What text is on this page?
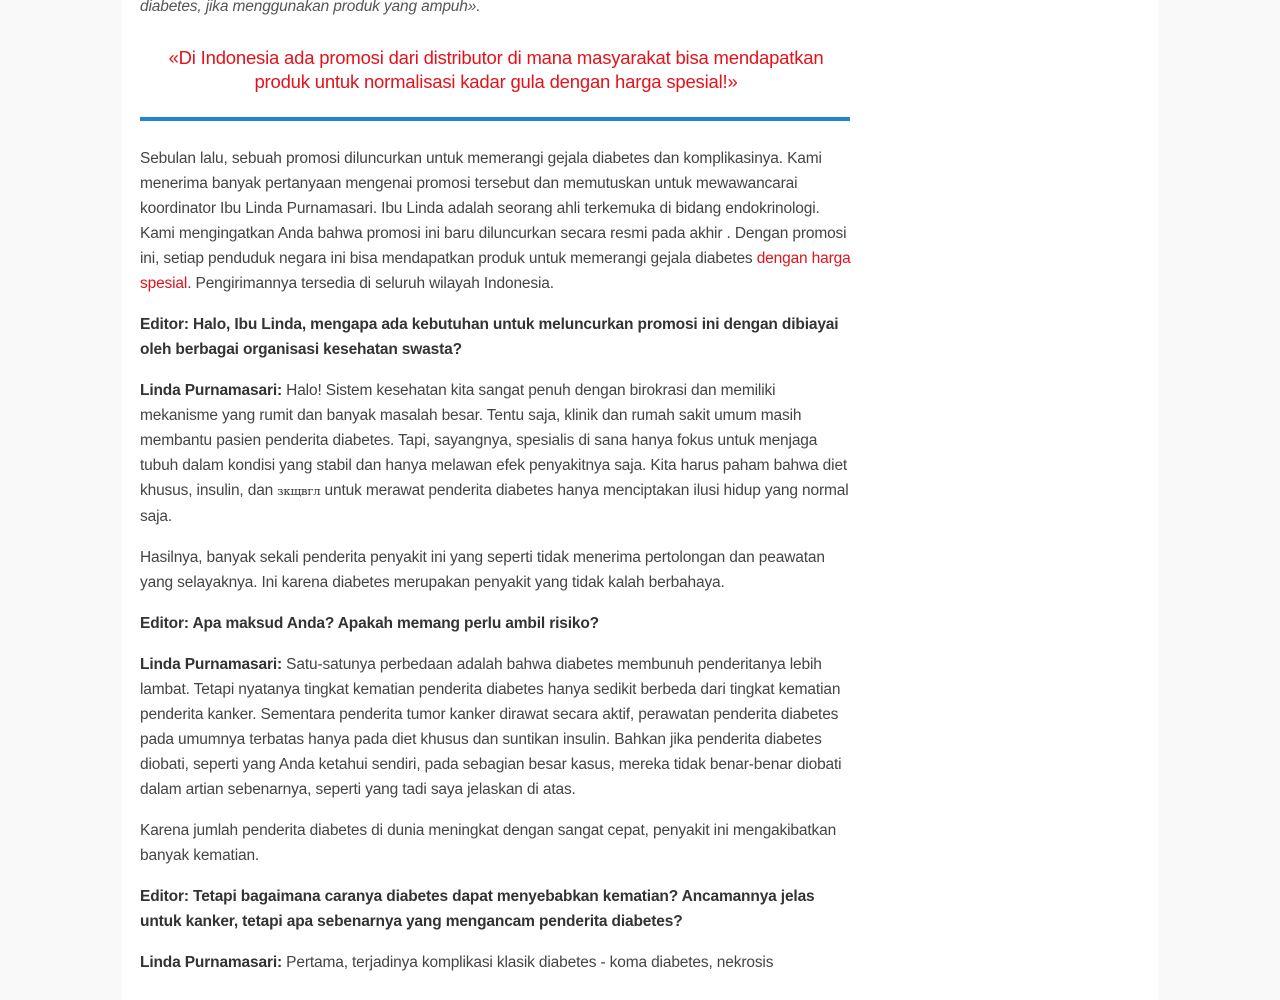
diabetes, jika menggunakan produk yang ampuh».

«Di Indonesia ada promosi dari distributor di mana masyarakat bisa mendapatkan produk untuk normalisasi kadar gula dengan harga spesial!»

Sebulan lalu, sebuah promosi diluncurkan untuk memerangi gejala diabetes dan komplikasinya. Kami menerima banyak pertanyaan mengenai promosi tersebut dan memutuskan untuk mewawancarai koordinator Ibu Linda Purnamasari. Ibu Linda adalah seorang ahli terkemuka di bidang endokrinologi. Kami mengingatkan Anda bahwa promosi ini baru diluncurkan secara resmi pada akhir . Dengan promosi ini, setiap penduduk negara ini bisa mendapatkan produk untuk memerangi gejala diabetes dengan harga spesial. Pengirimannya tersedia di seluruh wilayah Indonesia.

Editor: Halo, Ibu Linda, mengapa ada kebutuhan untuk meluncurkan promosi ini dengan dibiayai oleh berbagai organisasi kesehatan swasta?

Linda Purnamasari: Halo! Sistem kesehatan kita sangat penuh dengan birokrasi dan memiliki mekanisme yang rumit dan banyak masalah besar. Tentu saja, klinik dan rumah sakit umum masih membantu pasien penderita diabetes. Tapi, sayangnya, spesialis di sana hanya fokus untuk menjaga tubuh dalam kondisi yang stabil dan hanya melawan efek penyakitnya saja. Kita harus paham bahwa diet khusus, insulin, dan зкщвгл untuk merawat penderita diabetes hanya menciptakan ilusi hidup yang normal saja.

Hasilnya, banyak sekali penderita penyakit ini yang seperti tidak menerima pertolongan dan peawatan yang selayaknya. Ini karena diabetes merupakan penyakit yang tidak kalah berbahaya.

Editor: Apa maksud Anda? Apakah memang perlu ambil risiko?

Linda Purnamasari: Satu-satunya perbedaan adalah bahwa diabetes membunuh penderitanya lebih lambat. Tetapi nyatanya tingkat kematian penderita diabetes hanya sedikit berbeda dari tingkat kematian penderita kanker. Sementara penderita tumor kanker dirawat secara aktif, perawatan penderita diabetes pada umumnya terbatas hanya pada diet khusus dan suntikan insulin. Bahkan jika penderita diabetes diobati, seperti yang Anda ketahui sendiri, pada sebagian besar kasus, mereka tidak benar-benar diobati dalam artian sebenarnya, seperti yang tadi saya jelaskan di atas.

Karena jumlah penderita diabetes di dunia meningkat dengan sangat cepat, penyakit ini mengakibatkan banyak kematian.

Editor: Tetapi bagaimana caranya diabetes dapat menyebabkan kematian? Ancamannya jelas untuk kanker, tetapi apa sebenarnya yang mengancam penderita diabetes?

Linda Purnamasari: Pertama, terjadinya komplikasi klasik diabetes - koma diabetes, nekrosis
